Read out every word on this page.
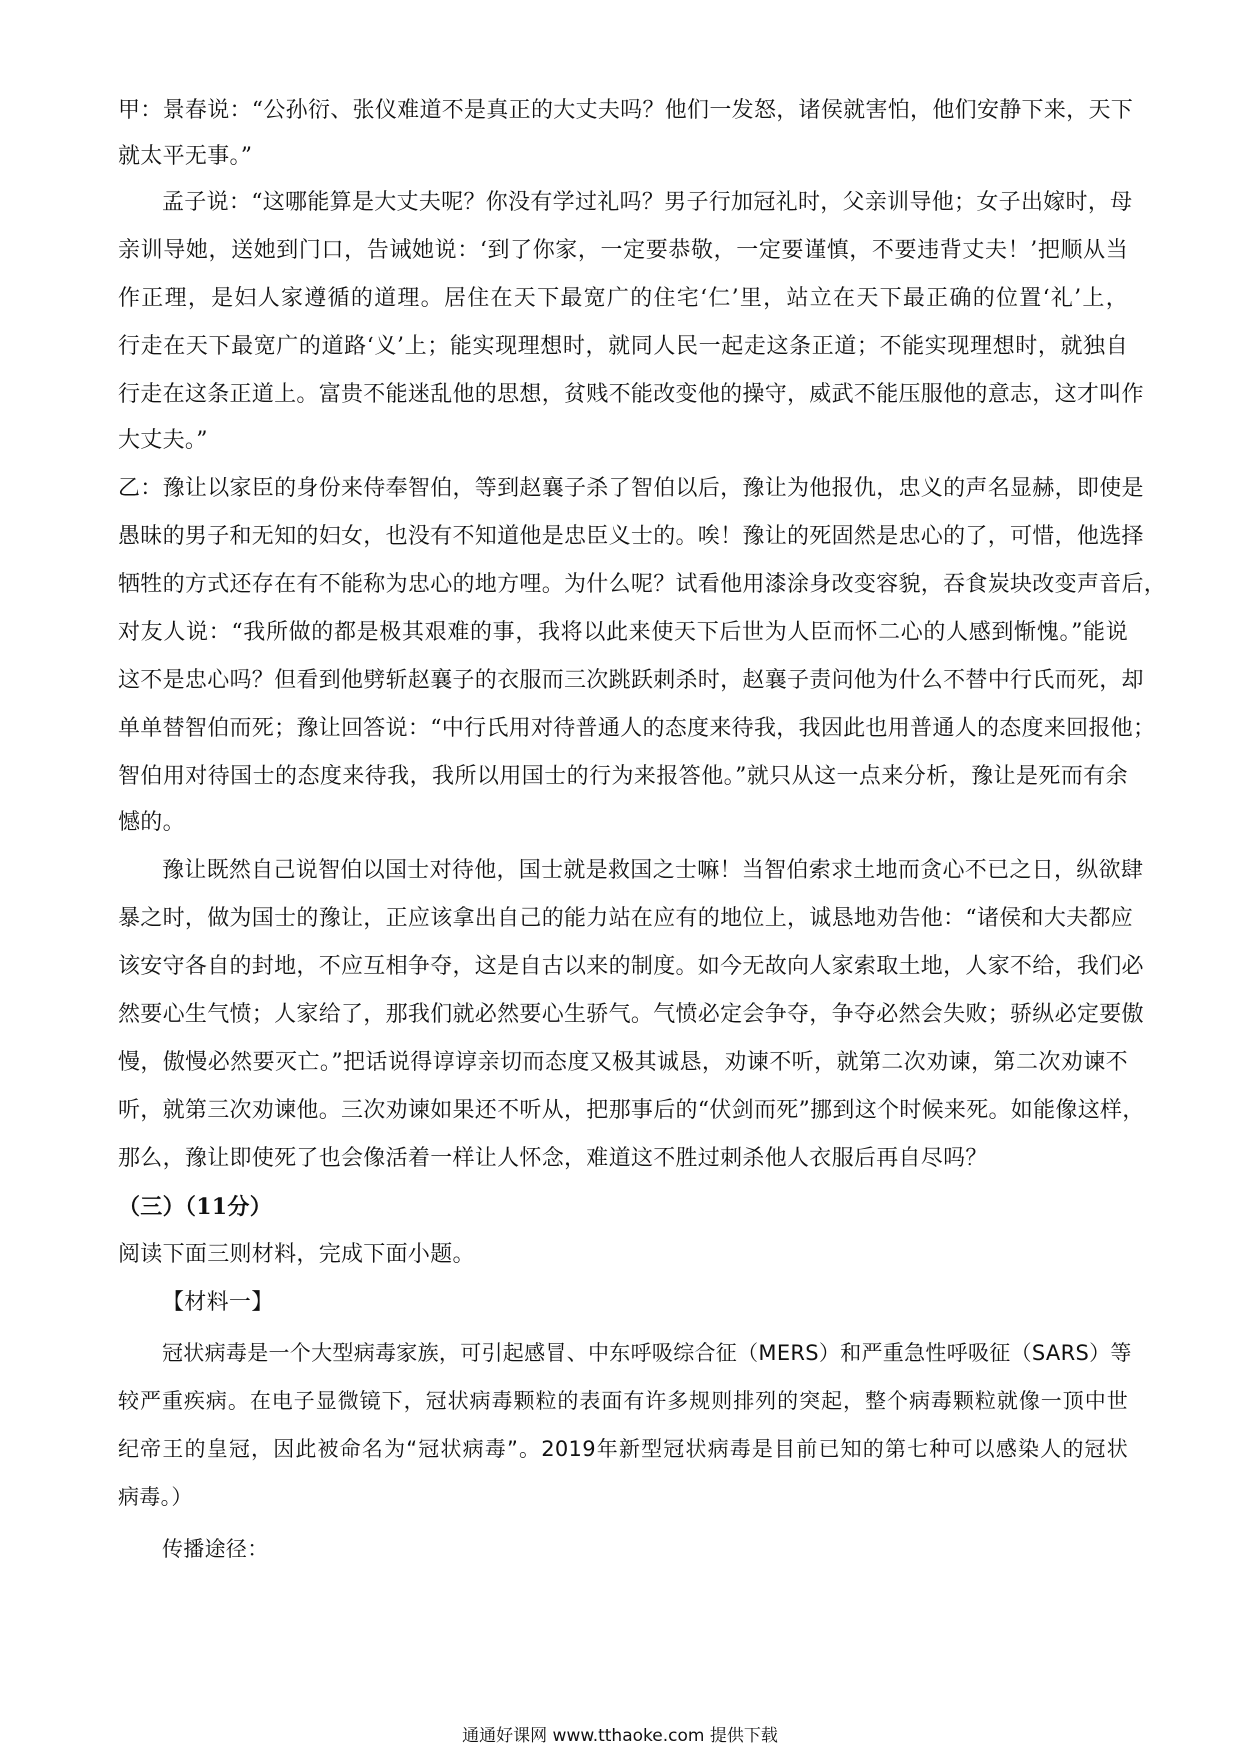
甲：景春说：“公孙衍、张仪难道不是真正的大丈夫吗？他们一发怒，诸侯就害怕，他们安静下来，天下
就太平无事。”
孟子说：“这哪能算是大丈夫呢？你没有学过礼吗？男子行加冠礼时，父亲训导他；女子出嫁时，母
亲训导她，送她到门口，告诫她说：‘到了你家，一定要恭敬，一定要谨慎，不要违背丈夫！’把顺从当
作正理，是妇人家遵循的道理。居住在天下最宽广的住宅‘仁’里，站立在天下最正确的位置‘礼’上，
行走在天下最宽广的道路‘义’上；能实现理想时，就同人民一起走这条正道；不能实现理想时，就独自
行走在这条正道上。富贵不能迷乱他的思想，贫贱不能改变他的操守，威武不能压服他的意志，这才叫作
大丈夫。”
乙：豫让以家臣的身份来侍奉智伯，等到赵襄子杀了智伯以后，豫让为他报仇，忠义的声名显赫，即使是
愚昧的男子和无知的妇女，也没有不知道他是忠臣义士的。唉！豫让的死固然是忠心的了，可惜，他选择
牺牲的方式还存在有不能称为忠心的地方哩。为什么呢？试看他用漆涂身改变容貌，吞食炭块改变声音后，
对友人说：“我所做的都是极其艰难的事，我将以此来使天下后世为人臣而怀二心的人感到惭愧。”能说
这不是忠心吗？但看到他劈斩赵襄子的衣服而三次跳跃刺杀时，赵襄子责问他为什么不替中行氏而死，却
单单替智伯而死；豫让回答说：“中行氏用对待普通人的态度来待我，我因此也用普通人的态度来回报他；
智伯用对待国士的态度来待我，我所以用国士的行为来报答他。”就只从这一点来分析，豫让是死而有余
憾的。
豫让既然自己说智伯以国士对待他，国士就是救国之士嘛！当智伯索求土地而贪心不已之日，纵欲肆
暴之时，做为国士的豫让，正应该拿出自己的能力站在应有的地位上，诚恳地劝告他：“诸侯和大夫都应
该安守各自的封地，不应互相争夺，这是自古以来的制度。如今无故向人家索取土地，人家不给，我们必
然要心生气愤；人家给了，那我们就必然要心生骄气。气愤必定会争夺，争夺必然会失败；骄纵必定要傲
慢，傲慢必然要灭亡。”把话说得谆谆亲切而态度又极其诚恳，劝谏不听，就第二次劝谏，第二次劝谏不
听，就第三次劝谏他。三次劝谏如果还不听从，把那事后的“伏剑而死”挪到这个时候来死。如能像这样，
那么，豫让即使死了也会像活着一样让人怀念，难道这不胜过刺杀他人衣服后再自尽吗？
（三）（11分）
阅读下面三则材料，完成下面小题。
【材料一】
冠状病毒是一个大型病毒家族，可引起感冒、中东呼吸综合征（MERS）和严重急性呼吸征（SARS）等
较严重疾病。在电子显微镜下，冠状病毒颗粒的表面有许多规则排列的突起，整个病毒颗粒就像一顶中世
纪帝王的皇冠，因此被命名为“冠状病毒”。2019年新型冠状病毒是目前已知的第七种可以感染人的冠状
病毒。）
传播途径：
通通好课网 www.tthaoke.com 提供下载
